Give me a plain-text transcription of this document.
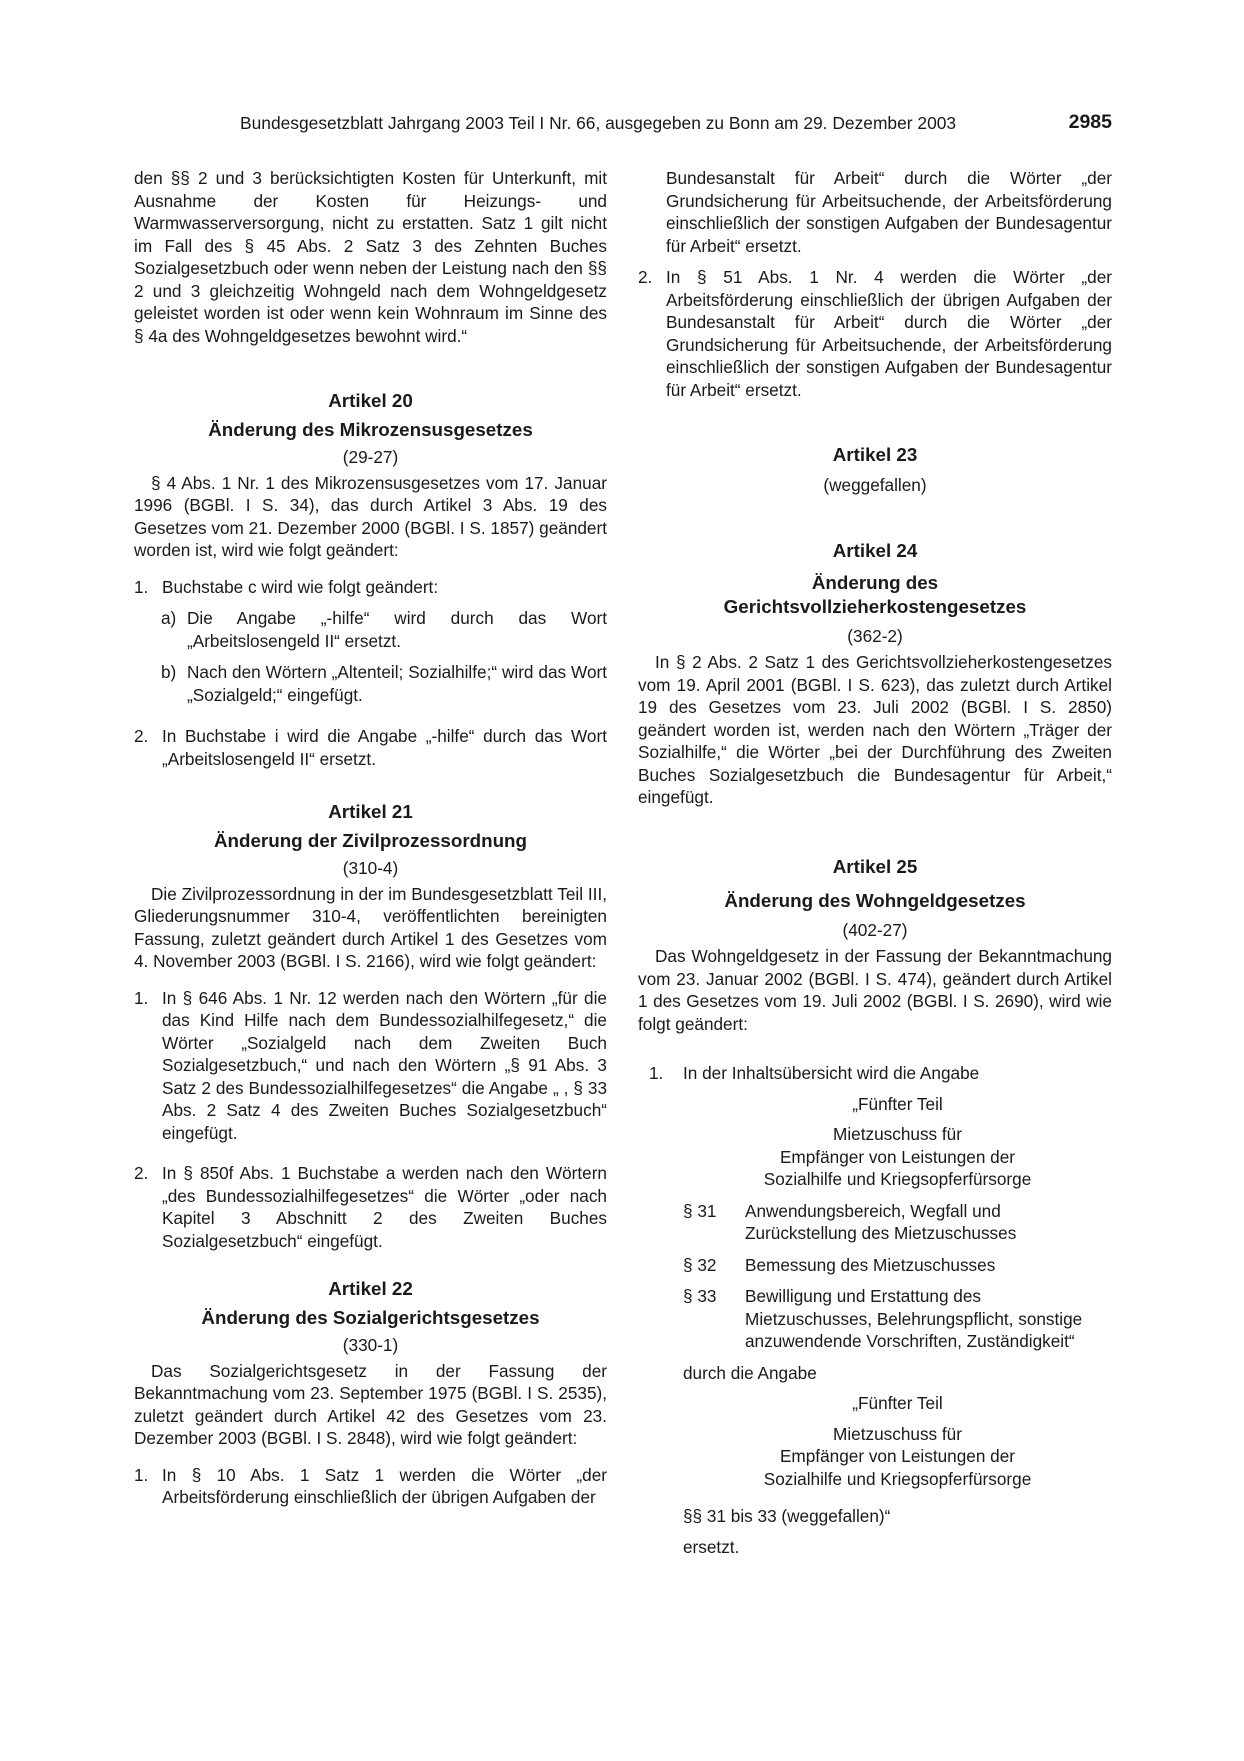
Bundesgesetzblatt Jahrgang 2003 Teil I Nr. 66, ausgegeben zu Bonn am 29. Dezember 2003	2985

den §§ 2 und 3 berücksichtigten Kosten für Unterkunft, mit Ausnahme der Kosten für Heizungs- und Warmwasserversorgung, nicht zu erstatten. Satz 1 gilt nicht im Fall des § 45 Abs. 2 Satz 3 des Zehnten Buches Sozialgesetzbuch oder wenn neben der Leistung nach den §§ 2 und 3 gleichzeitig Wohngeld nach dem Wohngeldgesetz geleistet worden ist oder wenn kein Wohnraum im Sinne des § 4a des Wohngeldgesetzes bewohnt wird.“

Artikel 20

Änderung des Mikrozensusgesetzes

(29-27)

§ 4 Abs. 1 Nr. 1 des Mikrozensusgesetzes vom 17. Januar 1996 (BGBl. I S. 34), das durch Artikel 3 Abs. 19 des Gesetzes vom 21. Dezember 2000 (BGBl. I S. 1857) geändert worden ist, wird wie folgt geändert:

1. Buchstabe c wird wie folgt geändert:
a) Die Angabe „-hilfe“ wird durch das Wort „Arbeitslosengeld II“ ersetzt.
b) Nach den Wörtern „Altenteil; Sozialhilfe;“ wird das Wort „Sozialgeld;“ eingefügt.
2. In Buchstabe i wird die Angabe „-hilfe“ durch das Wort „Arbeitslosengeld II“ ersetzt.

Artikel 21

Änderung der Zivilprozessordnung

(310-4)

Die Zivilprozessordnung in der im Bundesgesetzblatt Teil III, Gliederungsnummer 310-4, veröffentlichten bereinigten Fassung, zuletzt geändert durch Artikel 1 des Gesetzes vom 4. November 2003 (BGBl. I S. 2166), wird wie folgt geändert:

1. In § 646 Abs. 1 Nr. 12 werden nach den Wörtern „für die das Kind Hilfe nach dem Bundessozialhilfegesetz,“ die Wörter „Sozialgeld nach dem Zweiten Buch Sozialgesetzbuch,“ und nach den Wörtern „§ 91 Abs. 3 Satz 2 des Bundessozialhilfegesetzes“ die Angabe „ , § 33 Abs. 2 Satz 4 des Zweiten Buches Sozialgesetzbuch“ eingefügt.
2. In § 850f Abs. 1 Buchstabe a werden nach den Wörtern „des Bundessozialhilfegesetzes“ die Wörter „oder nach Kapitel 3 Abschnitt 2 des Zweiten Buches Sozialgesetzbuch“ eingefügt.

Artikel 22

Änderung des Sozialgerichtsgesetzes

(330-1)

Das Sozialgerichtsgesetz in der Fassung der Bekanntmachung vom 23. September 1975 (BGBl. I S. 2535), zuletzt geändert durch Artikel 42 des Gesetzes vom 23. Dezember 2003 (BGBl. I S. 2848), wird wie folgt geändert:

1. In § 10 Abs. 1 Satz 1 werden die Wörter „der Arbeitsförderung einschließlich der übrigen Aufgaben der

Bundesanstalt für Arbeit“ durch die Wörter „der Grundsicherung für Arbeitsuchende, der Arbeitsförderung einschließlich der sonstigen Aufgaben der Bundesagentur für Arbeit“ ersetzt.

2. In § 51 Abs. 1 Nr. 4 werden die Wörter „der Arbeitsförderung einschließlich der übrigen Aufgaben der Bundesanstalt für Arbeit“ durch die Wörter „der Grundsicherung für Arbeitsuchende, der Arbeitsförderung einschließlich der sonstigen Aufgaben der Bundesagentur für Arbeit“ ersetzt.

Artikel 23

(weggefallen)

Artikel 24

Änderung des

Gerichtsvollzieherkostengesetzes

(362-2)

In § 2 Abs. 2 Satz 1 des Gerichtsvollzieherkostengesetzes vom 19. April 2001 (BGBl. I S. 623), das zuletzt durch Artikel 19 des Gesetzes vom 23. Juli 2002 (BGBl. I S. 2850) geändert worden ist, werden nach den Wörtern „Träger der Sozialhilfe,“ die Wörter „bei der Durchführung des Zweiten Buches Sozialgesetzbuch die Bundesagentur für Arbeit,“ eingefügt.

Artikel 25

Änderung des Wohngeldgesetzes

(402-27)

Das Wohngeldgesetz in der Fassung der Bekanntmachung vom 23. Januar 2002 (BGBl. I S. 474), geändert durch Artikel 1 des Gesetzes vom 19. Juli 2002 (BGBl. I S. 2690), wird wie folgt geändert:

1. In der Inhaltsübersicht wird die Angabe

„Fünfter Teil

Mietzuschuss für

Empfänger von Leistungen der

Sozialhilfe und Kriegsopferfürsorge

§ 31 Anwendungsbereich, Wegfall und Zurückstellung des Mietzuschusses
§ 32 Bemessung des Mietzuschusses
§ 33 Bewilligung und Erstattung des Mietzuschusses, Belehrungspflicht, sonstige anzuwendende Vorschriften, Zuständigkeit“

durch die Angabe

„Fünfter Teil

Mietzuschuss für

Empfänger von Leistungen der

Sozialhilfe und Kriegsopferfürsorge

§§ 31 bis 33 (weggefallen)“

ersetzt.
